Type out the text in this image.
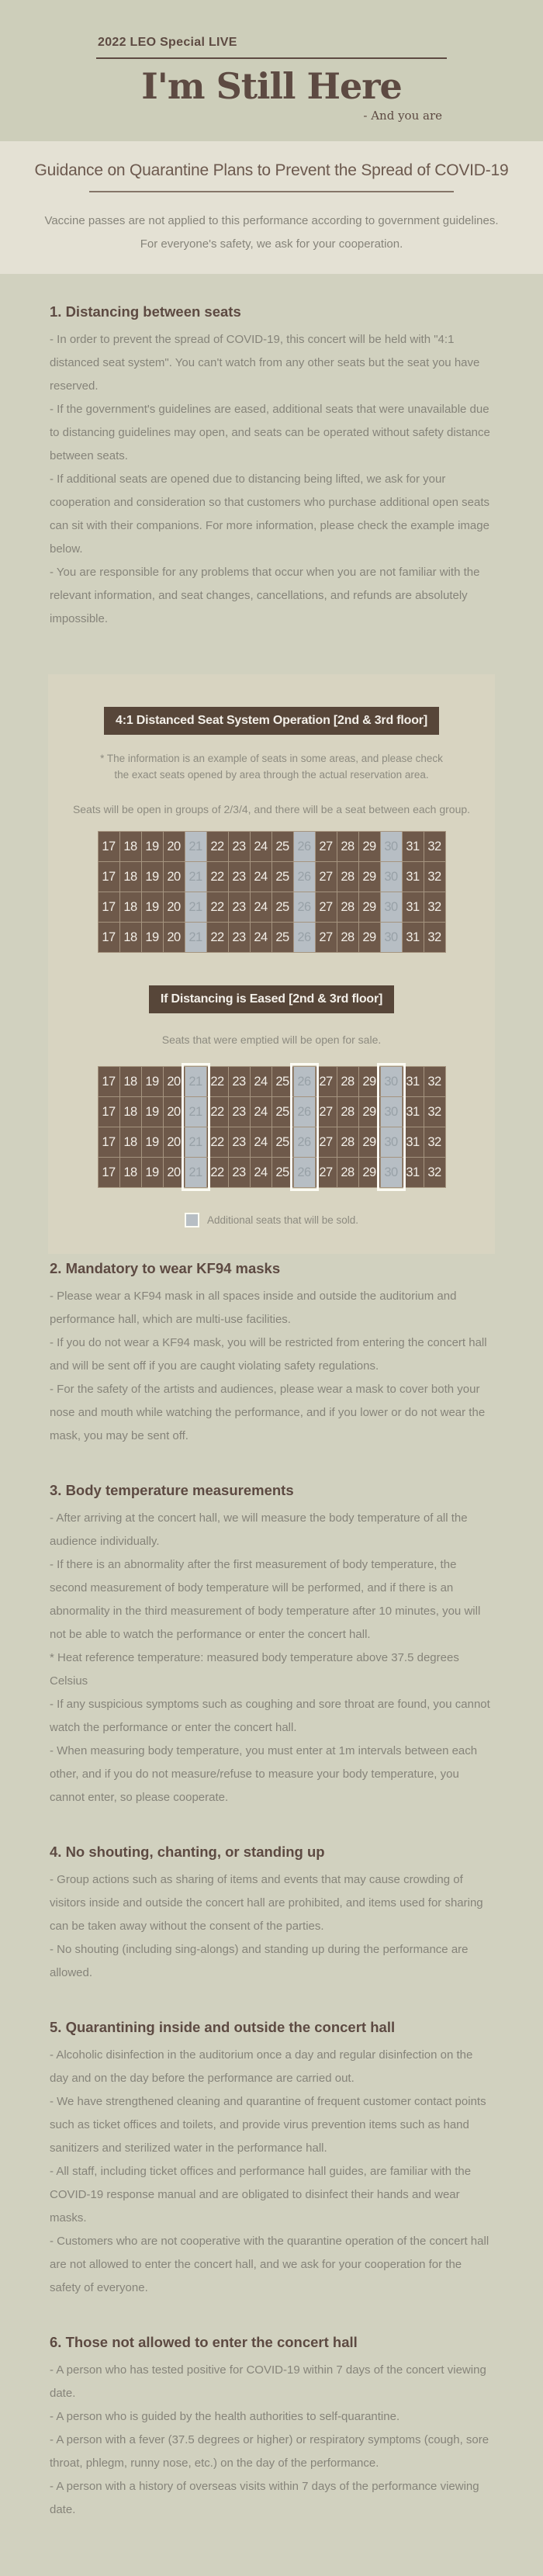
2022 LEO Special LIVE

I'm Still Here

- And you are

Guidance on Quarantine Plans to Prevent the Spread of COVID-19

Vaccine passes are not applied to this performance according to government guidelines.

For everyone's safety, we ask for your cooperation.

1. Distancing between seats

- In order to prevent the spread of COVID-19, this concert will be held with "4:1 distanced seat system". You can't watch from any other seats but the seat you have reserved.

- If the government's guidelines are eased, additional seats that were unavailable due to distancing guidelines may open, and seats can be operated without safety distance between seats.

- If additional seats are opened due to distancing being lifted, we ask for your cooperation and consideration so that customers who purchase additional open seats can sit with their companions. For more information, please check the example image below.

- You are responsible for any problems that occur when you are not familiar with the relevant information, and seat changes, cancellations, and refunds are absolutely impossible.

4:1 Distanced Seat System Operation [2nd & 3rd floor]

* The information is an example of seats in some areas, and please check the exact seats opened by area through the actual reservation area.

Seats will be open in groups of 2/3/4, and there will be a seat between each group.

17
17
17
17
18
18
18
18
19
19
19
19
20
20
20
20
21
21
21
21
22
22
22
22
23
23
23
23
24
24
24
24
25
25
25
25
26
26
26
26
27
27
27
27
28
28
28
28
29
29
29
29
30
30
30
30
31
31
31
31
32
32
32
32
If Distancing is Eased [2nd & 3rd floor]

Seats that were emptied will be open for sale.

17
17
17
17
18
18
18
18
19
19
19
19
20
20
20
20
21
21
21
21
22
22
22
22
23
23
23
23
24
24
24
24
25
25
25
25
26
26
26
26
27
27
27
27
28
28
28
28
29
29
29
29
30
30
30
30
31
31
31
31
32
32
32
32
Additional seats that will be sold.
2. Mandatory to wear KF94 masks

- Please wear a KF94 mask in all spaces inside and outside the auditorium and performance hall, which are multi-use facilities.

- If you do not wear a KF94 mask, you will be restricted from entering the concert hall and will be sent off if you are caught violating safety regulations.

- For the safety of the artists and audiences, please wear a mask to cover both your nose and mouth while watching the performance, and if you lower or do not wear the mask, you may be sent off.

3. Body temperature measurements

- After arriving at the concert hall, we will measure the body temperature of all the audience individually.

- If there is an abnormality after the first measurement of body temperature, the second measurement of body temperature will be performed, and if there is an abnormality in the third measurement of body temperature after 10 minutes, you will not be able to watch the performance or enter the concert hall.

* Heat reference temperature: measured body temperature above 37.5 degrees Celsius

- If any suspicious symptoms such as coughing and sore throat are found, you cannot watch the performance or enter the concert hall.

- When measuring body temperature, you must enter at 1m intervals between each other, and if you do not measure/refuse to measure your body temperature, you cannot enter, so please cooperate.

4. No shouting, chanting, or standing up

- Group actions such as sharing of items and events that may cause crowding of visitors inside and outside the concert hall are prohibited, and items used for sharing can be taken away without the consent of the parties.

- No shouting (including sing-alongs) and standing up during the performance are allowed.

5. Quarantining inside and outside the concert hall

- Alcoholic disinfection in the auditorium once a day and regular disinfection on the day and on the day before the performance are carried out.

- We have strengthened cleaning and quarantine of frequent customer contact points such as ticket offices and toilets, and provide virus prevention items such as hand sanitizers and sterilized water in the performance hall.

- All staff, including ticket offices and performance hall guides, are familiar with the COVID-19 response manual and are obligated to disinfect their hands and wear masks.

- Customers who are not cooperative with the quarantine operation of the concert hall are not allowed to enter the concert hall, and we ask for your cooperation for the safety of everyone.

6. Those not allowed to enter the concert hall

- A person who has tested positive for COVID-19 within 7 days of the concert viewing date.

- A person who is guided by the health authorities to self-quarantine.

- A person with a fever (37.5 degrees or higher) or respiratory symptoms (cough, sore throat, phlegm, runny nose, etc.) on the day of the performance.

- A person with a history of overseas visits within 7 days of the performance viewing date.
